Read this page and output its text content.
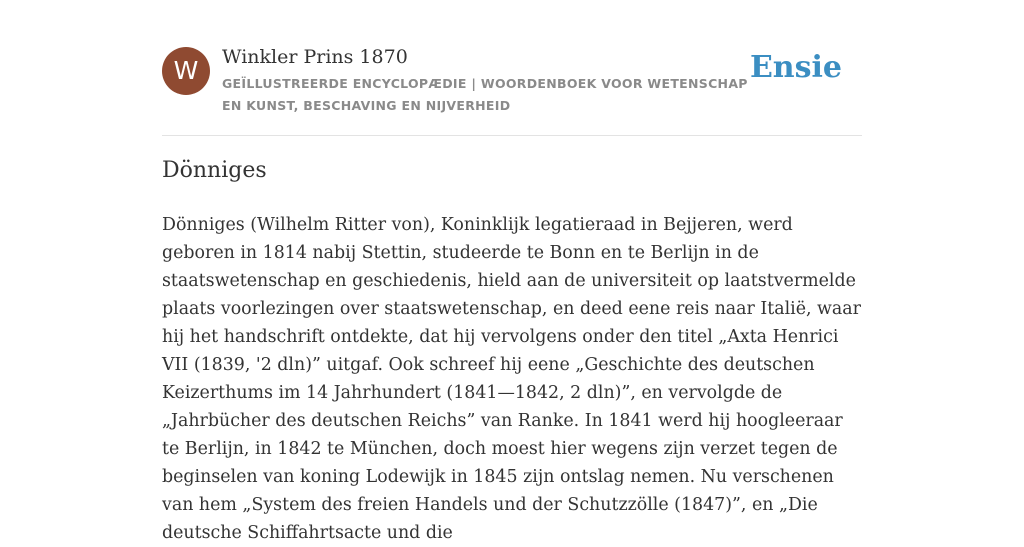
W	Winkler Prins 1870
GEÏLLUSTREERDE ENCYCLOPÆDIE | WOORDENBOEK VOOR WETENSCHAP EN KUNST, BESCHAVING EN NIJVERHEID
Ensie
Dönniges

Dönniges (Wilhelm Ritter von), Koninklijk legatieraad in Bejjeren, werd geboren in 1814 nabij Stettin, studeerde te Bonn en te Berlijn in de staatswetenschap en geschiedenis, hield aan de universiteit op laatstvermelde plaats voorlezingen over staatswetenschap, en deed eene reis naar Italië, waar hij het handschrift ontdekte, dat hij vervolgens onder den titel „Axta Henrici VII (1839, '2 dln)” uitgaf. Ook schreef hij eene „Geschichte des deutschen Keizerthums im 14 Jahrhundert (1841—1842, 2 dln)”, en vervolgde de „Jahrbücher des deutschen Reichs” van Ranke. In 1841 werd hij hoogleeraar te Berlijn, in 1842 te München, doch moest hier wegens zijn verzet tegen de beginselen van koning Lodewijk in 1845 zijn ontslag nemen. Nu verschenen van hem „System des freien Handels und der Schutzzölle (1847)”, en „Die deutsche Schiffahrtsacte und die
